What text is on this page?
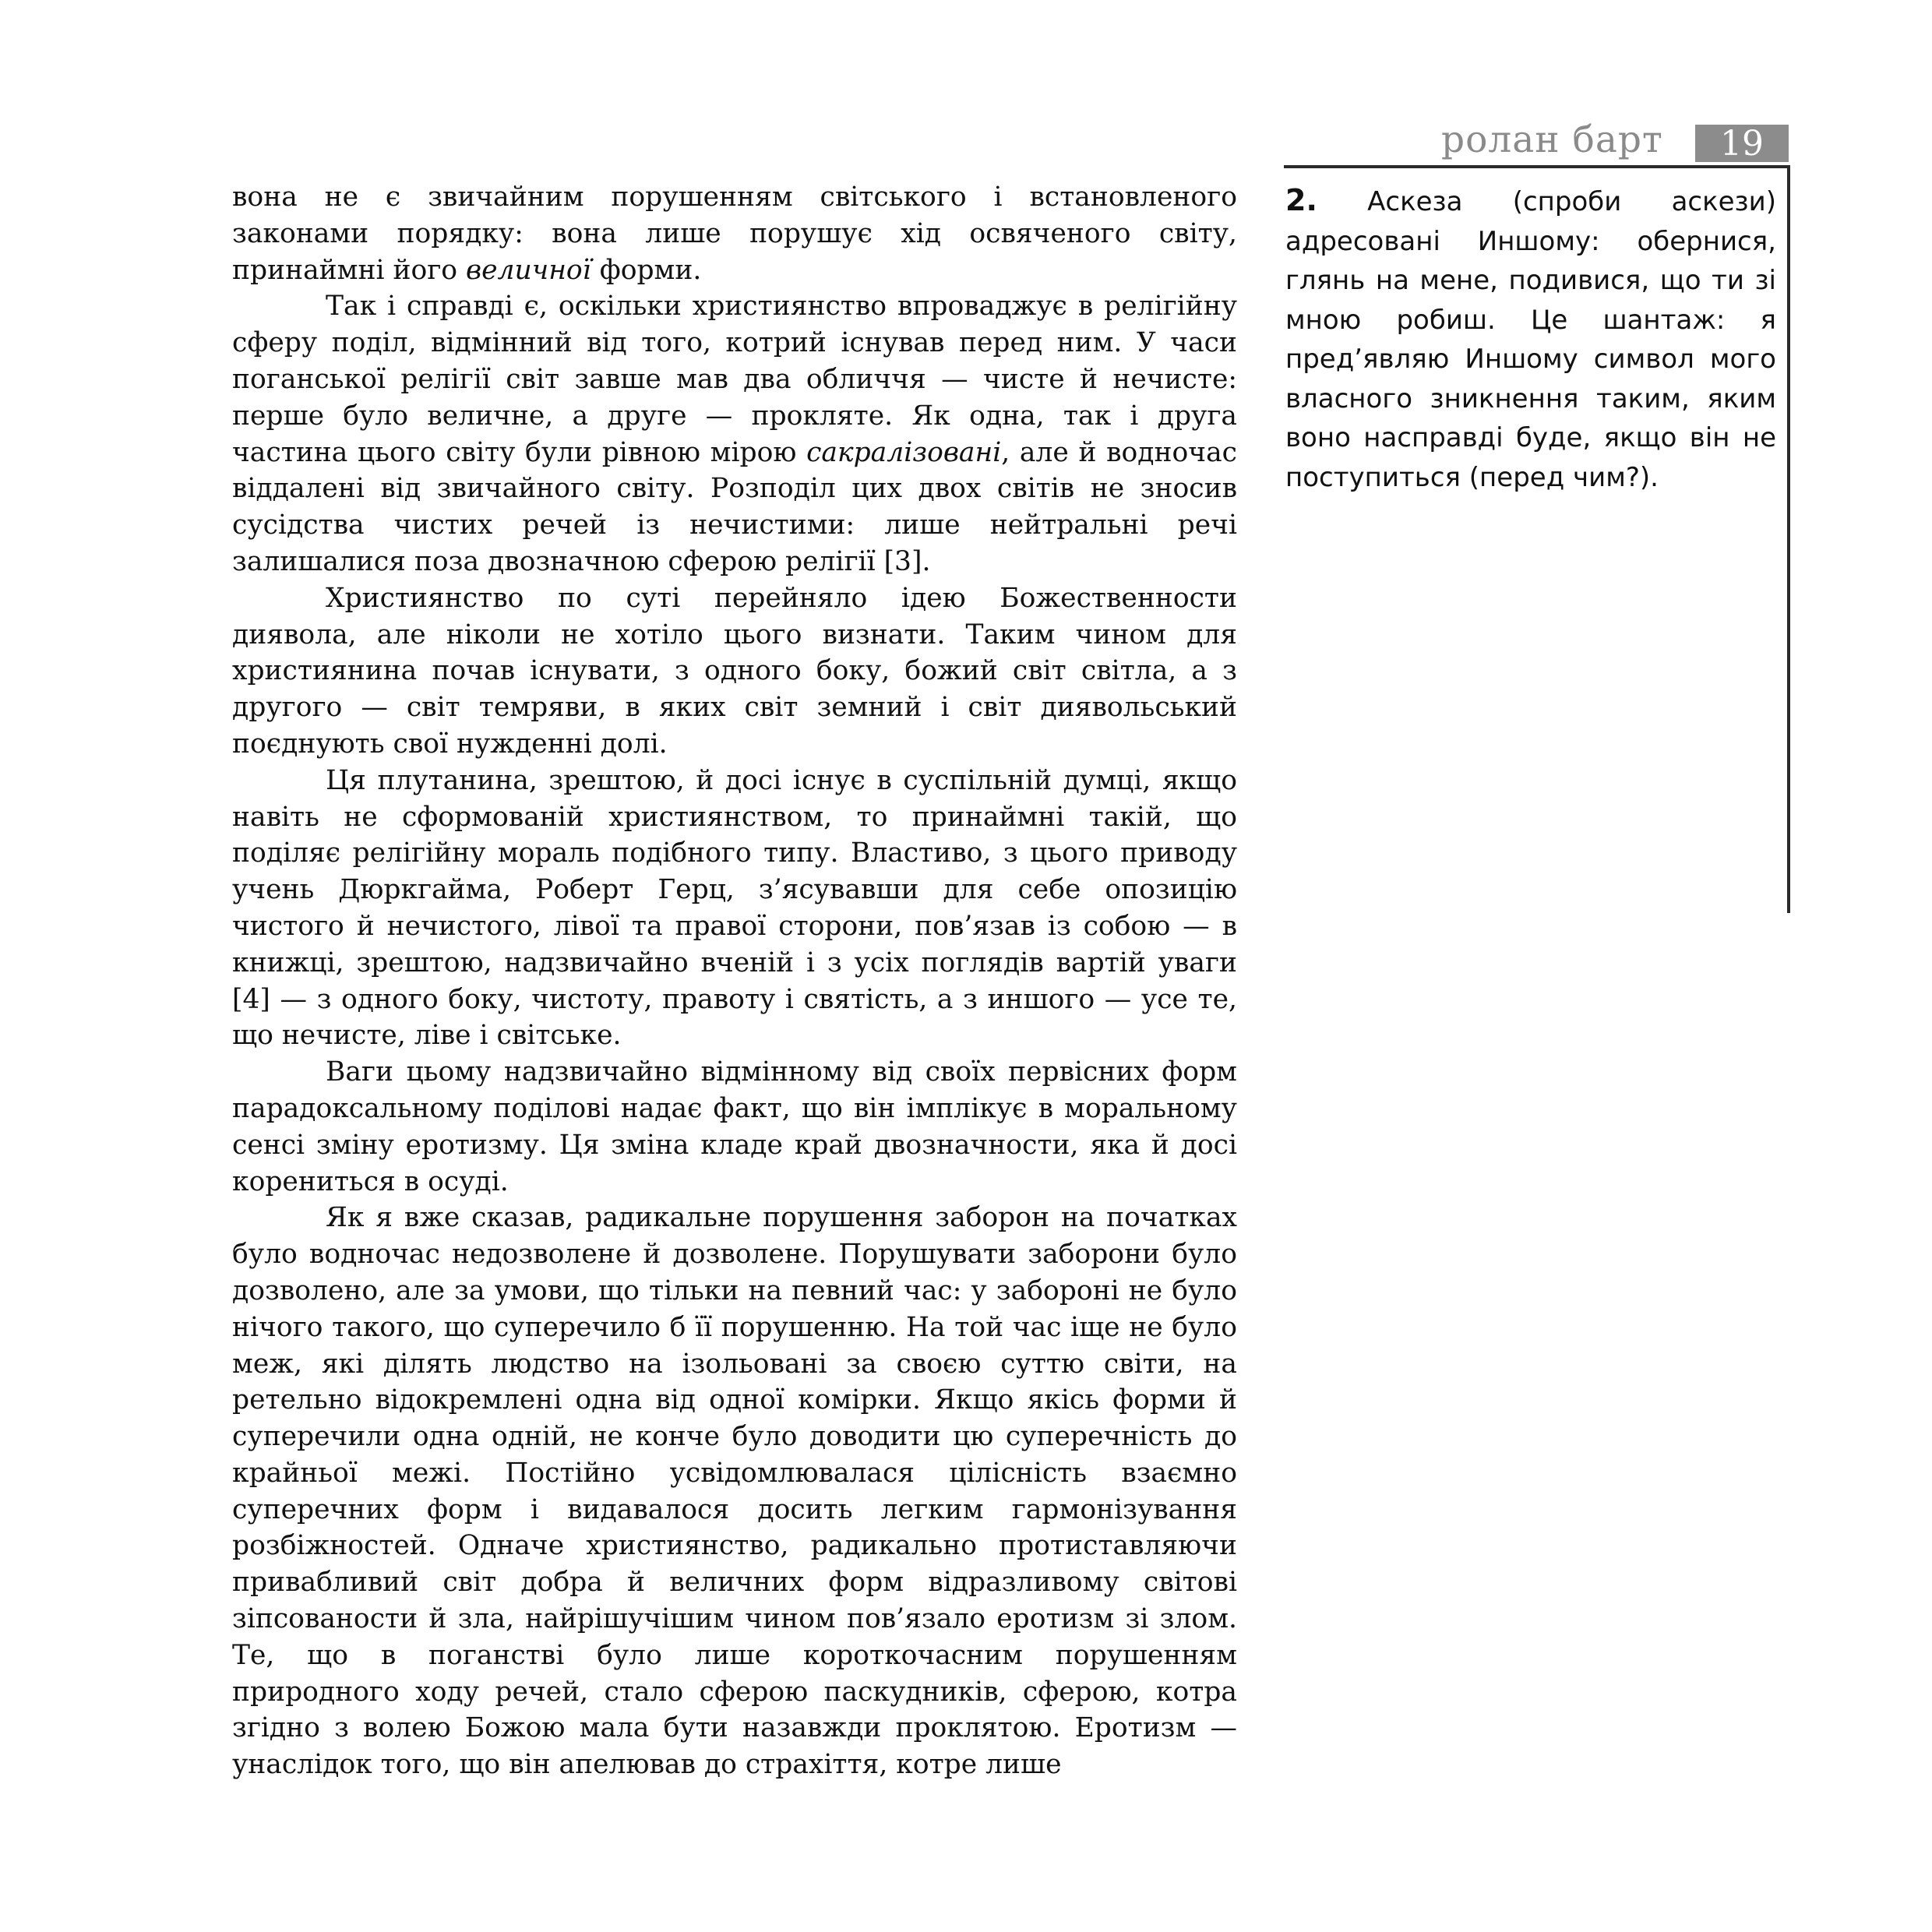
ролан барт	19

вона не є звичайним порушенням світського і встановленого законами порядку: вона лише порушує хід освяченого світу, принаймні його величної форми.

Так і справді є, оскільки християнство впроваджує в релігійну сферу поділ, відмінний від того, котрий існував перед ним. У часи поганської релігії світ завше мав два обличчя — чисте й нечисте: перше було величне, а друге — прокляте. Як одна, так і друга частина цього світу були рівною мірою сакралізовані, але й водночас віддалені від звичайного світу. Розподіл цих двох світів не зносив сусідства чистих речей із нечистими: лише нейтральні речі залишалися поза двозначною сферою релігії [3].

Християнство по суті перейняло ідею Божественности диявола, але ніколи не хотіло цього визнати. Таким чином для християнина почав існувати, з одного боку, божий світ світла, а з другого — світ темряви, в яких світ земний і світ диявольський поєднують свої нужденні долі.

Ця плутанина, зрештою, й досі існує в суспільній думці, якщо навіть не сформованій християнством, то принаймні такій, що поділяє релігійну мораль подібного типу. Властиво, з цього приводу учень Дюркгайма, Роберт Герц, з’ясувавши для себе опозицію чистого й нечистого, лівої та правої сторони, пов’язав із собою — в книжці, зрештою, надзвичайно вченій і з усіх поглядів вартій уваги [4] — з одного боку, чистоту, правоту і святість, а з иншого — усе те, що нечисте, ліве і світське.

Ваги цьому надзвичайно відмінному від своїх первісних форм парадоксальному поділові надає факт, що він імплікує в моральному сенсі зміну еротизму. Ця зміна кладе край двозначности, яка й досі корениться в осуді.

Як я вже сказав, радикальне порушення заборон на початках було водночас недозволене й дозволене. Порушувати заборони було дозволено, але за умови, що тільки на певний час: у забороні не було нічого такого, що суперечило б її порушенню. На той час іще не було меж, які ділять людство на ізольовані за своєю суттю світи, на ретельно відокремлені одна від одної комірки. Якщо якісь форми й суперечили одна одній, не конче було доводити цю суперечність до крайньої межі. Постійно усвідомлювалася цілісність взаємно суперечних форм і видавалося досить легким гармонізування розбіжностей. Одначе християнство, радикально протиставляючи привабливий світ добра й величних форм відразливому світові зіпсованости й зла, найрішучішим чином пов’язало еротизм зі злом. Те, що в поганстві було лише короткочасним порушенням природного ходу речей, стало сферою паскудників, сферою, котра згідно з волею Божою мала бути назавжди проклятою. Еротизм — унаслідок того, що він апелював до страхіття, котре лише

2. Аскеза (спроби аскези) адресовані Иншому: обернися, глянь на мене, подивися, що ти зі мною робиш. Це шантаж: я пред’являю Иншому символ мого власного зникнення таким, яким воно насправді буде, якщо він не поступиться (перед чим?).
